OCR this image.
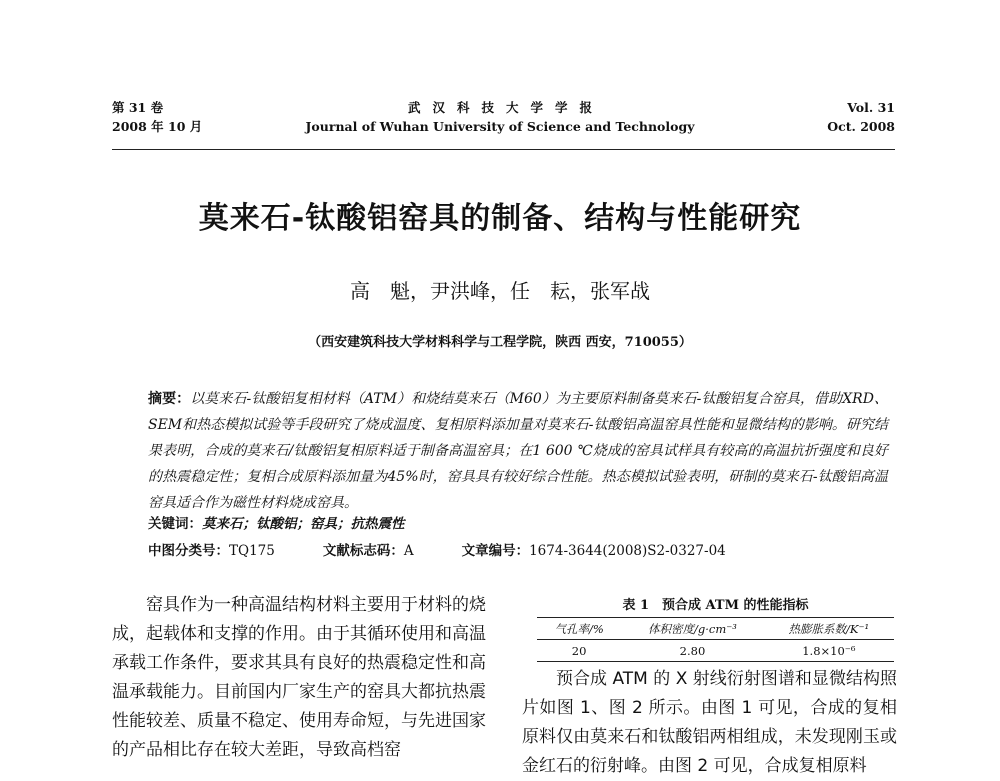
第 31 卷
2008 年 10 月
武汉科技大学学报
Journal of Wuhan University of Science and Technology
Vol. 31
Oct. 2008
莫来石-钛酸铝窑具的制备、结构与性能研究
高　魁，尹洪峰，任　耘，张军战
（西安建筑科技大学材料科学与工程学院，陕西 西安，710055）
摘要：以莫来石-钛酸铝复相材料（ATM）和烧结莫来石（M60）为主要原料制备莫来石-钛酸铝复合窑具，借助XRD、SEM和热态模拟试验等手段研究了烧成温度、复相原料添加量对莫来石-钛酸铝高温窑具性能和显微结构的影响。研究结果表明，合成的莫来石/钛酸铝复相原料适于制备高温窑具；在1 600 ℃烧成的窑具试样具有较高的高温抗折强度和良好的热震稳定性；复相合成原料添加量为45%时，窑具具有较好综合性能。热态模拟试验表明，研制的莫来石-钛酸铝高温窑具适合作为磁性材料烧成窑具。
关键词：莫来石；钛酸铝；窑具；抗热震性
中图分类号：TQ175	文献标志码：A	文章编号：1674-3644(2008)S2-0327-04

窑具作为一种高温结构材料主要用于材料的烧成，起载体和支撑的作用。由于其循环使用和高温承载工作条件，要求其具有良好的热震稳定性和高温承载能力。目前国内厂家生产的窑具大都抗热震性能较差、质量不稳定、使用寿命短，与先进国家的产品相比存在较大差距，导致高档窑

表 1　预合成 ATM 的性能指标
气孔率/%	体积密度/g·cm⁻³	热膨胀系数/K⁻¹
20	2.80	1.8×10⁻⁶

预合成 ATM 的 X 射线衍射图谱和显微结构照片如图 1、图 2 所示。由图 1 可见，合成的复相原料仅由莫来石和钛酸铝两相组成，未发现刚玉或金红石的衍射峰。由图 2 可见，合成复相原料
